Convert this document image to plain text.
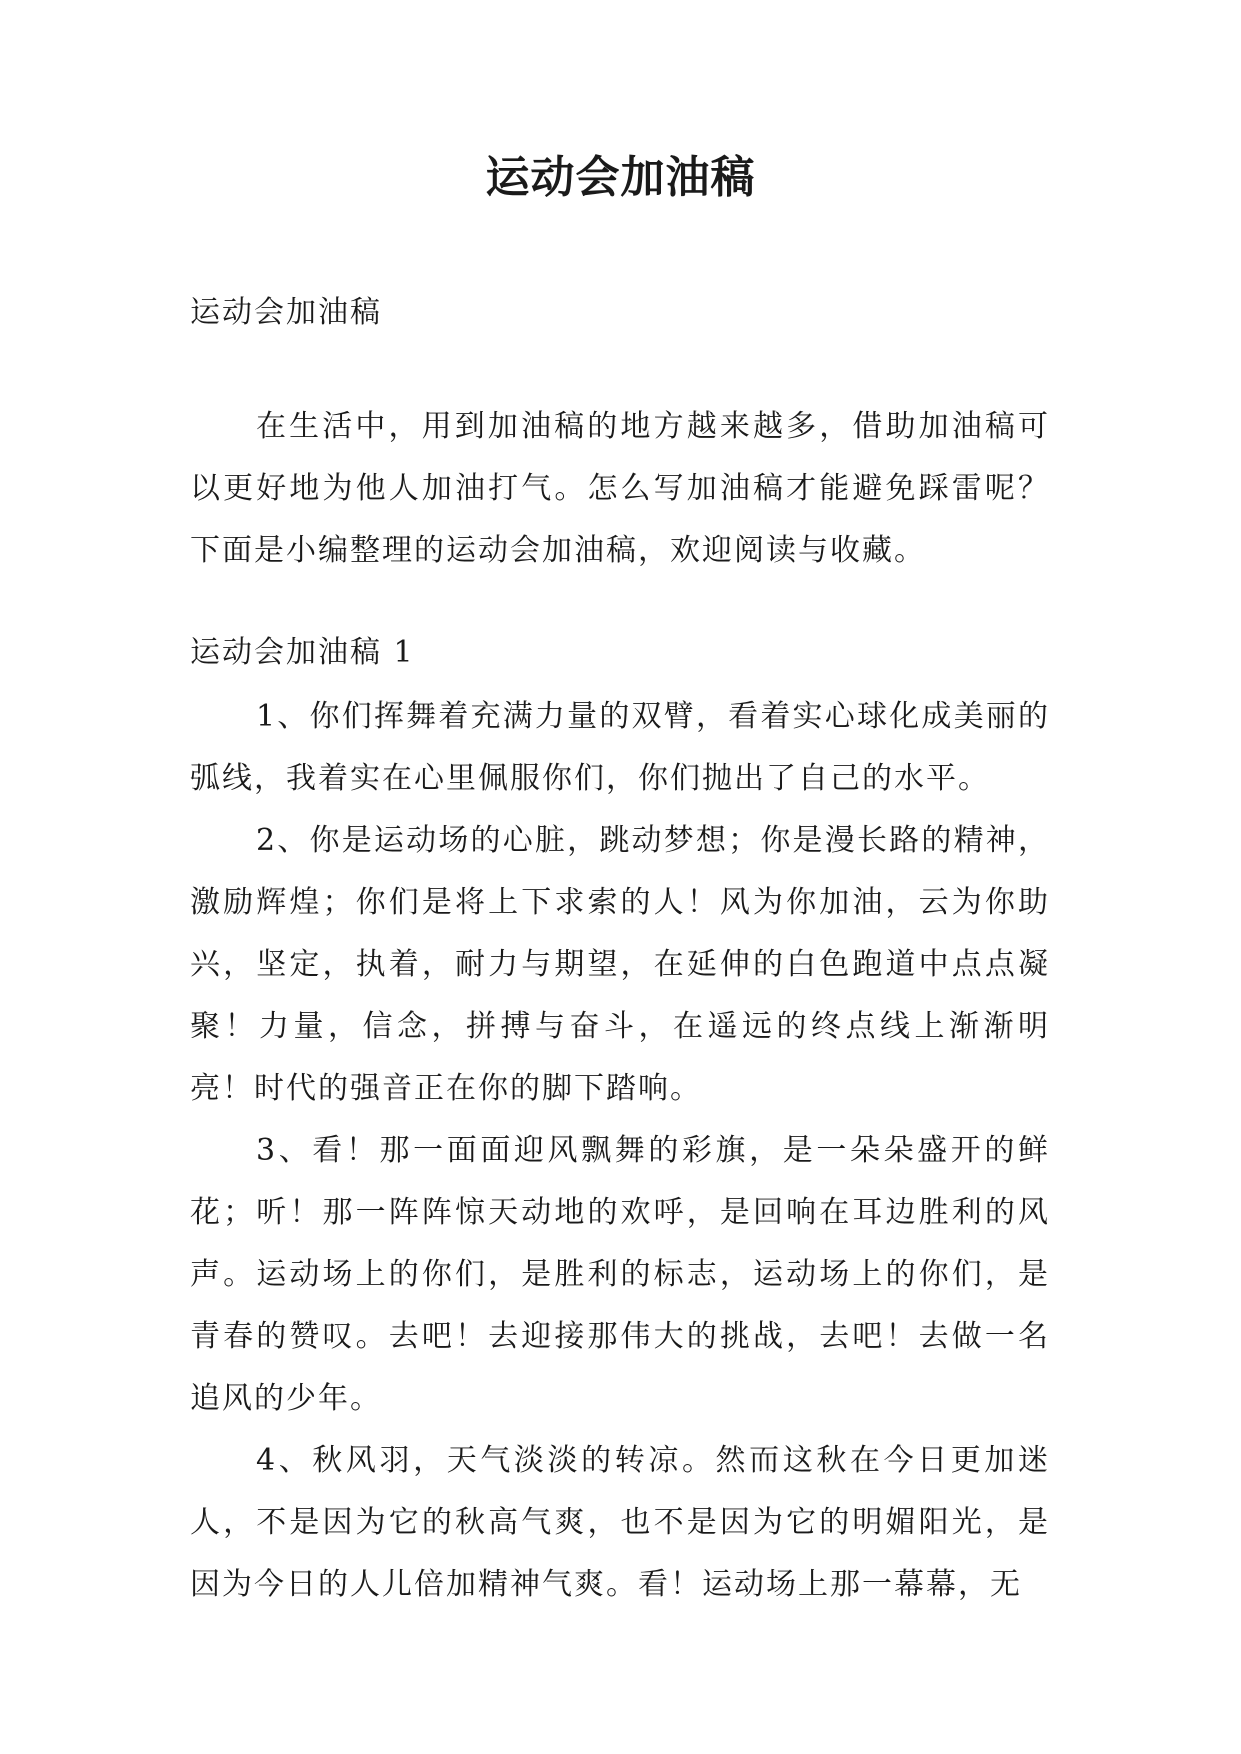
运动会加油稿

运动会加油稿

在生活中，用到加油稿的地方越来越多，借助加油稿可以更好地为他人加油打气。怎么写加油稿才能避免踩雷呢？下面是小编整理的运动会加油稿，欢迎阅读与收藏。

运动会加油稿 1

1、你们挥舞着充满力量的双臂，看着实心球化成美丽的弧线，我着实在心里佩服你们，你们抛出了自己的水平。

2、你是运动场的心脏，跳动梦想；你是漫长路的精神，激励辉煌；你们是将上下求索的人！风为你加油，云为你助兴，坚定，执着，耐力与期望，在延伸的白色跑道中点点凝聚！力量，信念，拼搏与奋斗，在遥远的终点线上渐渐明亮！时代的强音正在你的脚下踏响。

3、看！那一面面迎风飘舞的彩旗，是一朵朵盛开的鲜花；听！那一阵阵惊天动地的欢呼，是回响在耳边胜利的风声。运动场上的你们，是胜利的标志，运动场上的你们，是青春的赞叹。去吧！去迎接那伟大的挑战，去吧！去做一名追风的少年。

4、秋风羽，天气淡淡的转凉。然而这秋在今日更加迷人，不是因为它的秋高气爽，也不是因为它的明媚阳光，是因为今日的人儿倍加精神气爽。看！运动场上那一幕幕，无
